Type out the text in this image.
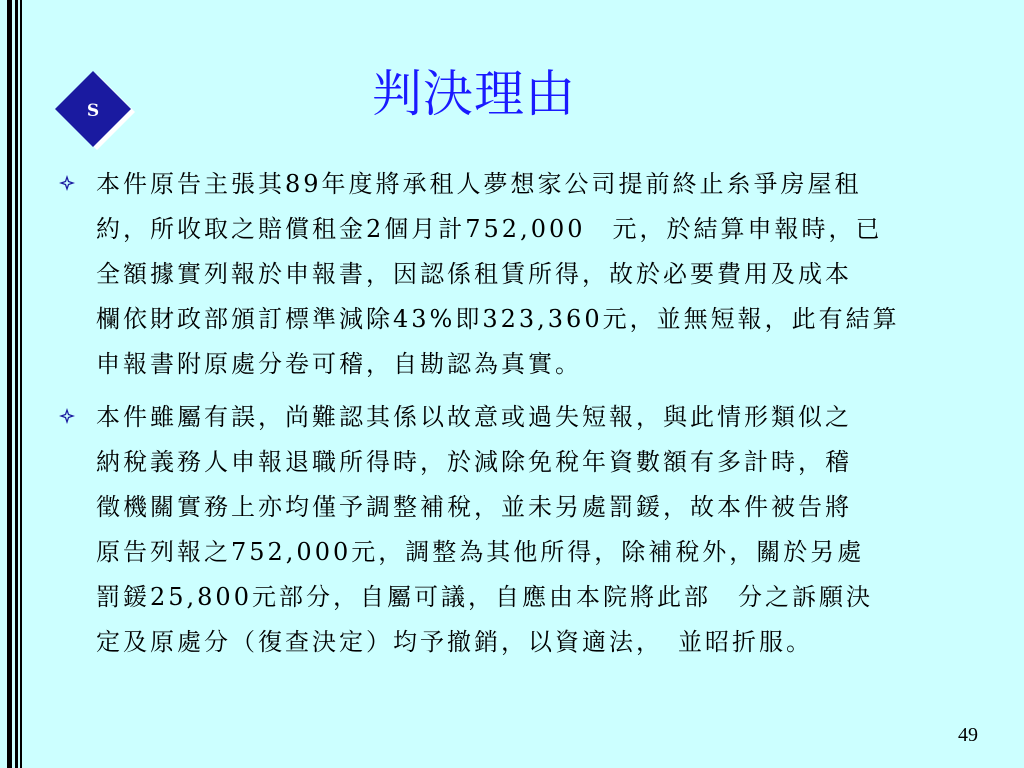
S	判決理由
本件原告主張其89年度將承租人夢想家公司提前終止糸爭房屋租
約，所收取之賠償租金2個月計752,000　元，於結算申報時，已
全額據實列報於申報書，因認係租賃所得，故於必要費用及成本
欄依財政部頒訂標準減除43%即323,360元，並無短報，此有結算
申報書附原處分卷可稽，自勘認為真實。
本件雖屬有誤，尚難認其係以故意或過失短報，與此情形類似之
納稅義務人申報退職所得時，於減除免稅年資數額有多計時，稽
徵機關實務上亦均僅予調整補稅，並未另處罰鍰，故本件被告將
原告列報之752,000元，調整為其他所得，除補稅外，關於另處
罰鍰25,800元部分，自屬可議，自應由本院將此部　分之訴願決
定及原處分（復查決定）均予撤銷，以資適法，　並昭折服。
49
